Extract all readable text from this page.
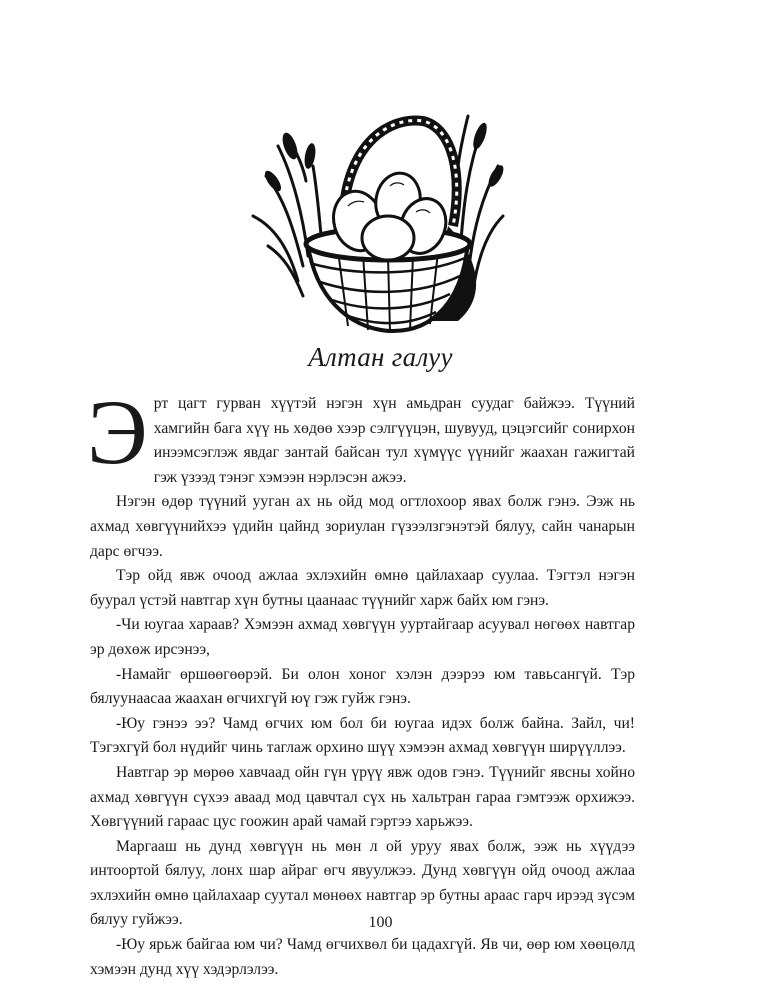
Алтан галуу

Эрт цагт гурван хүүтэй нэгэн хүн амьдран суудаг байжээ. Түүний хамгийн бага хүү нь хөдөө хээр сэлгүүцэн, шувууд, цэцэгсийг сонирхон инээмсэглэж явдаг зантай байсан тул хүмүүс үүнийг жаахан гажигтай гэж үзээд тэнэг хэмээн нэрлэсэн ажээ.

Нэгэн өдөр түүний ууган ах нь ойд мод огтлохоор явах болж гэнэ. Ээж нь ахмад хөвгүүнийхээ үдийн цайнд зориулан гүзээлзгэнэтэй бялуу, сайн чанарын дарс өгчээ.

Тэр ойд явж очоод ажлаа эхлэхийн өмнө цайлахаар суулаа. Тэгтэл нэгэн буурал үстэй навтгар хүн бутны цаанаас түүнийг харж байх юм гэнэ.

-Чи юугаа хараав? Хэмээн ахмад хөвгүүн ууртайгаар асуувал нөгөөх навтгар эр дөхөж ирсэнээ,

-Намайг өршөөгөөрэй. Би олон хоног хэлэн дээрээ юм тавьсангүй. Тэр бялуунаасаа жаахан өгчихгүй юү гэж гуйж гэнэ.

-Юу гэнээ ээ? Чамд өгчих юм бол би юугаа идэх болж байна. Зайл, чи! Тэгэхгүй бол нүдийг чинь таглаж орхино шүү хэмээн ахмад хөвгүүн ширүүллээ.

Навтгар эр мөрөө хавчаад ойн гүн үрүү явж одов гэнэ. Түүнийг явсны хойно ахмад хөвгүүн сүхээ аваад мод цавчтал сүх нь хальтран гараа гэмтээж орхижээ. Хөвгүүний гараас цус гоожин арай чамай гэртээ харьжээ.

Маргааш нь дунд хөвгүүн нь мөн л ой уруу явах болж, ээж нь хүүдээ интоортой бялуу, лонх шар айраг өгч явуулжээ. Дунд хөвгүүн ойд очоод ажлаа эхлэхийн өмнө цайлахаар суутал мөнөөх навтгар эр бутны араас гарч ирээд зүсэм бялуу гуйжээ.

-Юу ярьж байгаа юм чи? Чамд өгчихвөл би цадахгүй. Яв чи, өөр юм хөөцөлд хэмээн дунд хүү хэдэрлэлээ.

100
